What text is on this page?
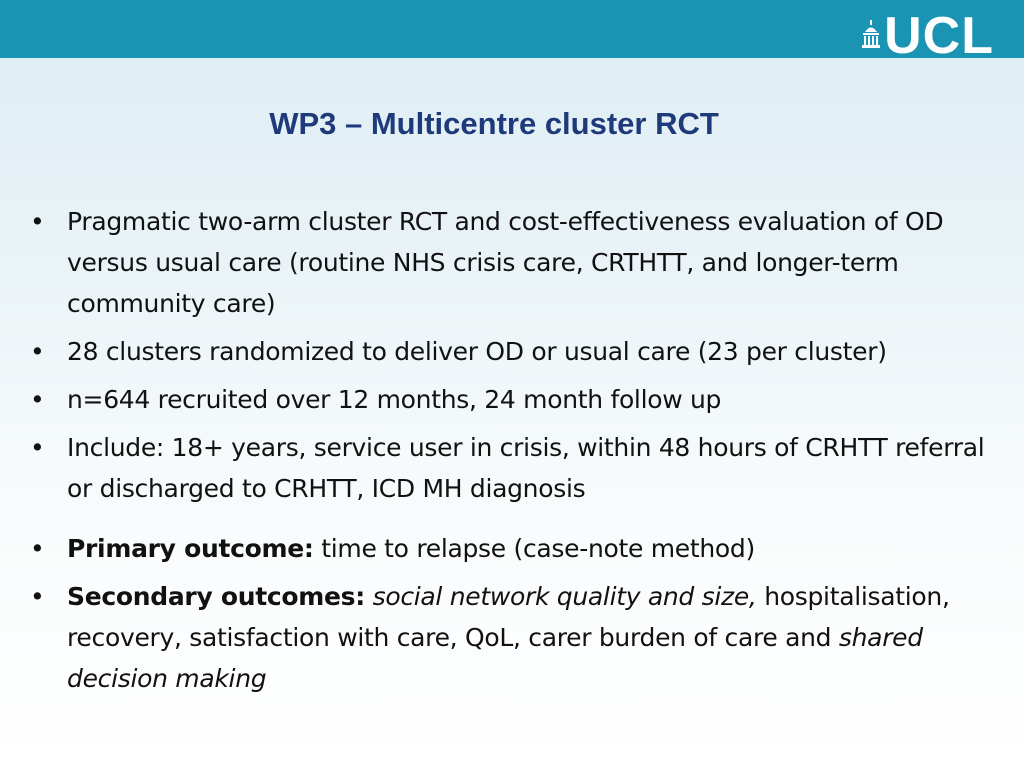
UCL
WP3 – Multicentre cluster RCT
• Pragmatic two-arm cluster RCT and cost-effectiveness evaluation of OD versus usual care (routine NHS crisis care, CRTHTT, and longer-term community care)
• 28 clusters randomized to deliver OD or usual care (23 per cluster)
• n=644 recruited over 12 months, 24 month follow up
• Include: 18+ years, service user in crisis, within 48 hours of CRHTT referral or discharged to CRHTT, ICD MH diagnosis
• Primary outcome: time to relapse (case-note method)
• Secondary outcomes: social network quality and size, hospitalisation, recovery, satisfaction with care, QoL, carer burden of care and shared decision making
